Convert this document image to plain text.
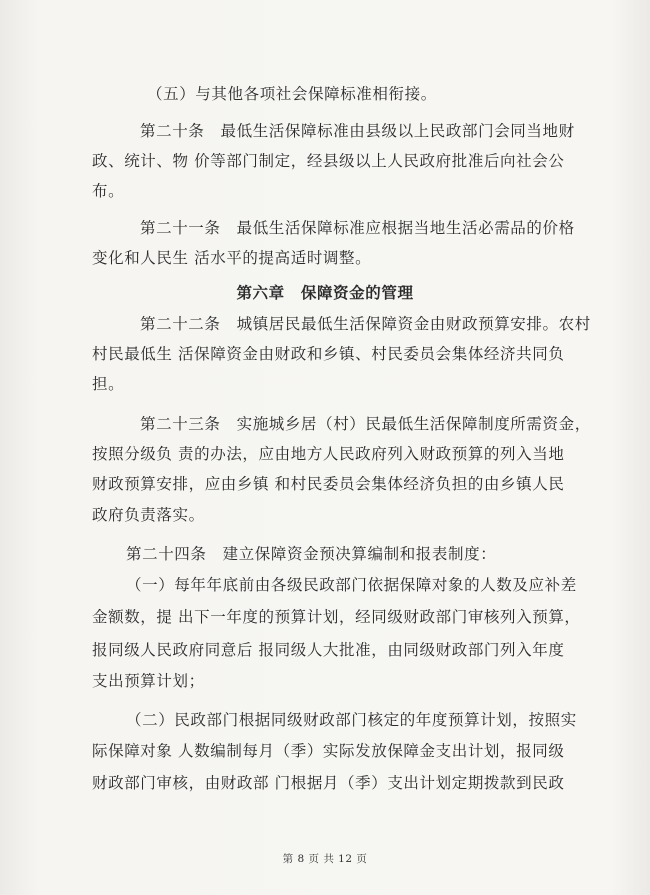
（五）与其他各项社会保障标准相衔接。
第二十条　最低生活保障标准由县级以上民政部门会同当地财
政、统计、物 价等部门制定，经县级以上人民政府批准后向社会公
布。
第二十一条　最低生活保障标准应根据当地生活必需品的价格
变化和人民生 活水平的提高适时调整。
第六章　保障资金的管理
第二十二条　城镇居民最低生活保障资金由财政预算安排。农村
村民最低生 活保障资金由财政和乡镇、村民委员会集体经济共同负
担。
第二十三条　实施城乡居（村）民最低生活保障制度所需资金，
按照分级负 责的办法，应由地方人民政府列入财政预算的列入当地
财政预算安排，应由乡镇 和村民委员会集体经济负担的由乡镇人民
政府负责落实。
第二十四条　建立保障资金预决算编制和报表制度：
（一）每年年底前由各级民政部门依据保障对象的人数及应补差
金额数，提 出下一年度的预算计划，经同级财政部门审核列入预算，
报同级人民政府同意后 报同级人大批准，由同级财政部门列入年度
支出预算计划；
（二）民政部门根据同级财政部门核定的年度预算计划，按照实
际保障对象 人数编制每月（季）实际发放保障金支出计划，报同级
财政部门审核，由财政部 门根据月（季）支出计划定期拨款到民政
第 8 页 共 12 页
